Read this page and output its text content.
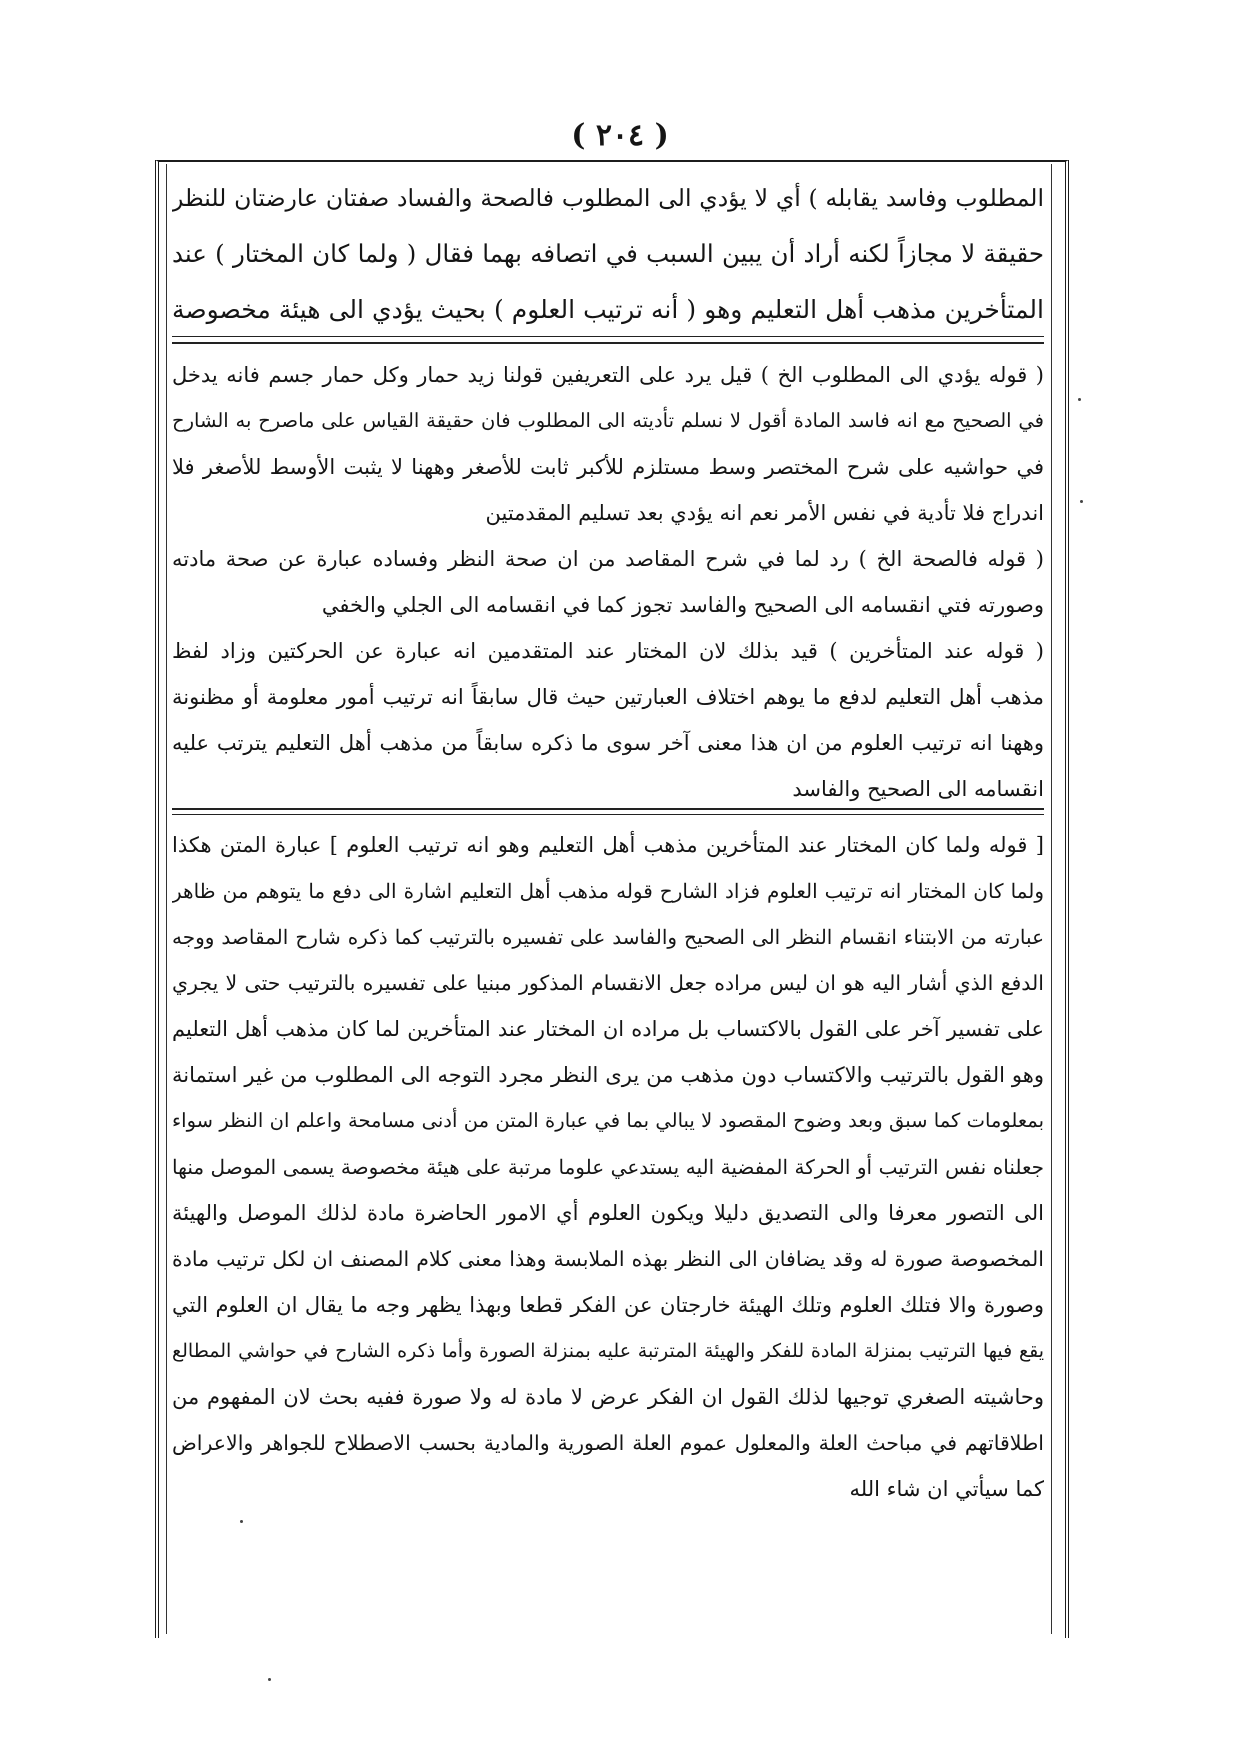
( ٢٠٤ )
المطلوب وفاسد يقابله ) أي لا يؤدي الى المطلوب فالصحة والفساد صفتان عارضتان للنظر
حقيقة لا مجازاً لكنه أراد أن يبين السبب في اتصافه بهما فقال ( ولما كان المختار ) عند
المتأخرين مذهب أهل التعليم وهو ( أنه ترتيب العلوم ) بحيث يؤدي الى هيئة مخصوصة
( قوله يؤدي الى المطلوب الخ ) قيل يرد على التعريفين قولنا زيد حمار وكل حمار جسم فانه يدخل
في الصحيح مع انه فاسد المادة أقول لا نسلم تأديته الى المطلوب فان حقيقة القياس على ماصرح به الشارح
في حواشيه على شرح المختصر وسط مستلزم للأكبر ثابت للأصغر وههنا لا يثبت الأوسط للأصغر فلا
اندراج فلا تأدية في نفس الأمر نعم انه يؤدي بعد تسليم المقدمتين
( قوله فالصحة الخ ) رد لما في شرح المقاصد من ان صحة النظر وفساده عبارة عن صحة مادته
وصورته فتي انقسامه الى الصحيح والفاسد تجوز كما في انقسامه الى الجلي والخفي
( قوله عند المتأخرين ) قيد بذلك لان المختار عند المتقدمين انه عبارة عن الحركتين وزاد لفظ
مذهب أهل التعليم لدفع ما يوهم اختلاف العبارتين حيث قال سابقاً انه ترتيب أمور معلومة أو مظنونة
وههنا انه ترتيب العلوم من ان هذا معنى آخر سوى ما ذكره سابقاً من مذهب أهل التعليم يترتب عليه
انقسامه الى الصحيح والفاسد
[ قوله ولما كان المختار عند المتأخرين مذهب أهل التعليم وهو انه ترتيب العلوم ] عبارة المتن هكذا
ولما كان المختار انه ترتيب العلوم فزاد الشارح قوله مذهب أهل التعليم اشارة الى دفع ما يتوهم من ظاهر
عبارته من الابتناء انقسام النظر الى الصحيح والفاسد على تفسيره بالترتيب كما ذكره شارح المقاصد ووجه
الدفع الذي أشار اليه هو ان ليس مراده جعل الانقسام المذكور مبنيا على تفسيره بالترتيب حتى لا يجري
على تفسير آخر على القول بالاكتساب بل مراده ان المختار عند المتأخرين لما كان مذهب أهل التعليم
وهو القول بالترتيب والاكتساب دون مذهب من يرى النظر مجرد التوجه الى المطلوب من غير استمانة
بمعلومات كما سبق وبعد وضوح المقصود لا يبالي بما في عبارة المتن من أدنى مسامحة واعلم ان النظر سواء
جعلناه نفس الترتيب أو الحركة المفضية اليه يستدعي علوما مرتبة على هيئة مخصوصة يسمى الموصل منها
الى التصور معرفا والى التصديق دليلا ويكون العلوم أي الامور الحاضرة مادة لذلك الموصل والهيئة
المخصوصة صورة له وقد يضافان الى النظر بهذه الملابسة وهذا معنى كلام المصنف ان لكل ترتيب مادة
وصورة والا فتلك العلوم وتلك الهيئة خارجتان عن الفكر قطعا وبهذا يظهر وجه ما يقال ان العلوم التي
يقع فيها الترتيب بمنزلة المادة للفكر والهيئة المترتبة عليه بمنزلة الصورة وأما ذكره الشارح في حواشي المطالع
وحاشيته الصغري توجيها لذلك القول ان الفكر عرض لا مادة له ولا صورة ففيه بحث لان المفهوم من
اطلاقاتهم في مباحث العلة والمعلول عموم العلة الصورية والمادية بحسب الاصطلاح للجواهر والاعراض
كما سيأتي ان شاء الله
